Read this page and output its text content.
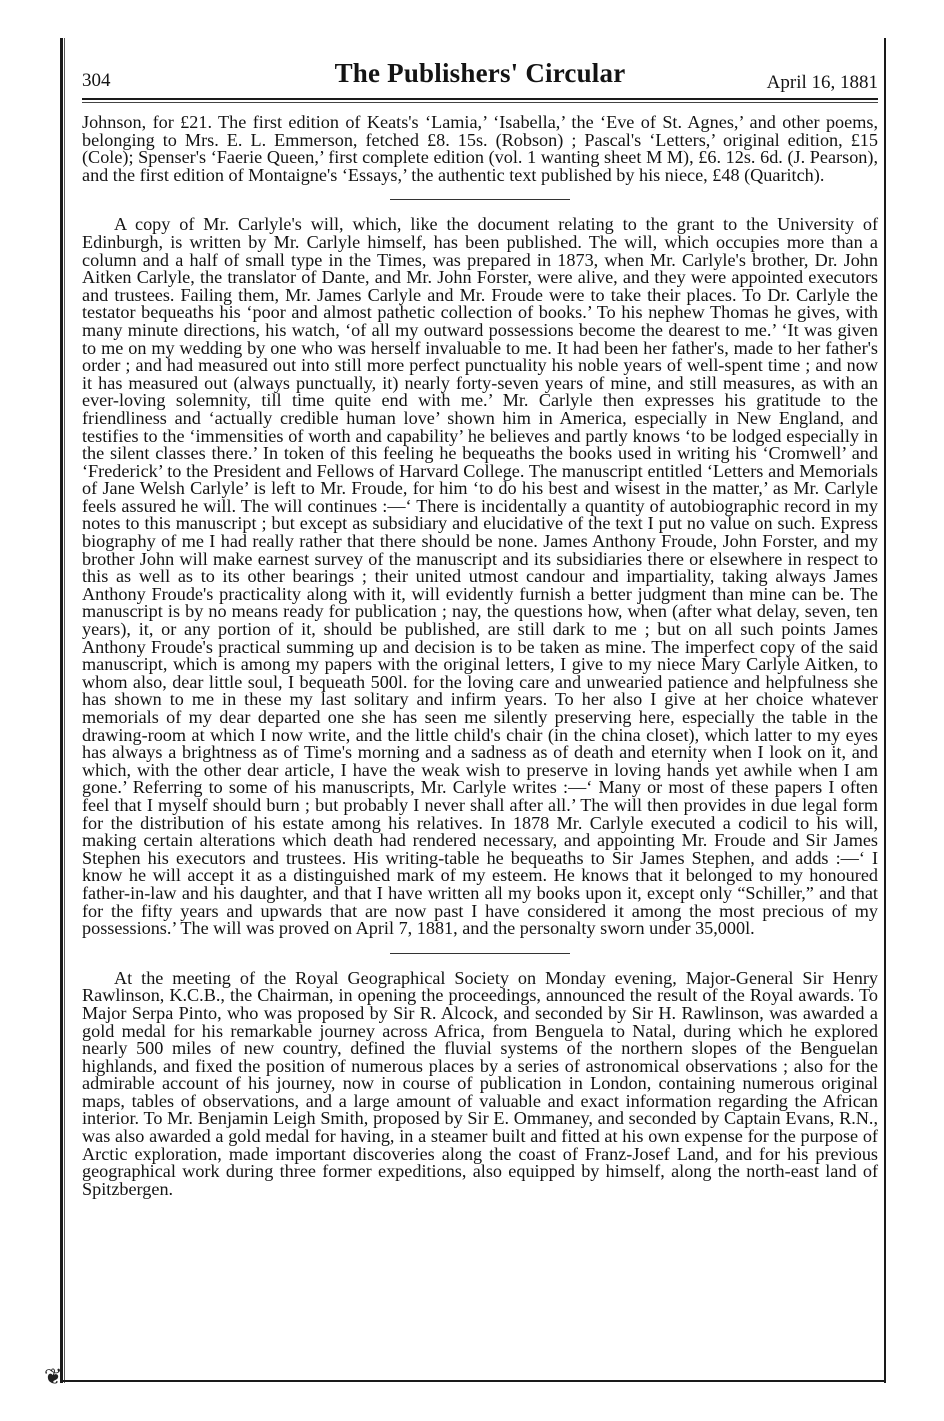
❦
304	The Publishers' Circular	April 16, 1881

Johnson, for £21. The first edition of Keats's ‘Lamia,’ ‘Isabella,’ the ‘Eve of St. Agnes,’ and other poems, belonging to Mrs. E. L. Emmerson, fetched £8. 15s. (Robson) ; Pascal's ‘Letters,’ original edition, £15 (Cole); Spenser's ‘Faerie Queen,’ first complete edition (vol. 1 wanting sheet M M), £6. 12s. 6d. (J. Pearson), and the first edition of Montaigne's ‘Essays,’ the authentic text published by his niece, £48 (Quaritch).

A copy of Mr. Carlyle's will, which, like the document relating to the grant to the University of Edinburgh, is written by Mr. Carlyle himself, has been published. The will, which occupies more than a column and a half of small type in the Times, was prepared in 1873, when Mr. Carlyle's brother, Dr. John Aitken Carlyle, the translator of Dante, and Mr. John Forster, were alive, and they were appointed executors and trustees. Failing them, Mr. James Carlyle and Mr. Froude were to take their places. To Dr. Carlyle the testator bequeaths his ‘poor and almost pathetic collection of books.’ To his nephew Thomas he gives, with many minute directions, his watch, ‘of all my outward possessions become the dearest to me.’ ‘It was given to me on my wedding by one who was herself invaluable to me. It had been her father's, made to her father's order ; and had measured out into still more perfect punctuality his noble years of well-spent time ; and now it has measured out (always punctually, it) nearly forty-seven years of mine, and still measures, as with an ever-loving solemnity, till time quite end with me.’ Mr. Carlyle then expresses his gratitude to the friendliness and ‘actually credible human love’ shown him in America, especially in New England, and testifies to the ‘immensities of worth and capability’ he believes and partly knows ‘to be lodged especially in the silent classes there.’ In token of this feeling he bequeaths the books used in writing his ‘Cromwell’ and ‘Frederick’ to the President and Fellows of Harvard College. The manuscript entitled ‘Letters and Memorials of Jane Welsh Carlyle’ is left to Mr. Froude, for him ‘to do his best and wisest in the matter,’ as Mr. Carlyle feels assured he will. The will continues :—‘ There is incidentally a quantity of autobiographic record in my notes to this manuscript ; but except as subsidiary and elucidative of the text I put no value on such. Express biography of me I had really rather that there should be none. James Anthony Froude, John Forster, and my brother John will make earnest survey of the manuscript and its subsidiaries there or elsewhere in respect to this as well as to its other bearings ; their united utmost candour and impartiality, taking always James Anthony Froude's practicality along with it, will evidently furnish a better judgment than mine can be. The manuscript is by no means ready for publication ; nay, the questions how, when (after what delay, seven, ten years), it, or any portion of it, should be published, are still dark to me ; but on all such points James Anthony Froude's practical summing up and decision is to be taken as mine. The imperfect copy of the said manuscript, which is among my papers with the original letters, I give to my niece Mary Carlyle Aitken, to whom also, dear little soul, I bequeath 500l. for the loving care and unwearied patience and helpfulness she has shown to me in these my last solitary and infirm years. To her also I give at her choice whatever memorials of my dear departed one she has seen me silently preserving here, especially the table in the drawing-room at which I now write, and the little child's chair (in the china closet), which latter to my eyes has always a brightness as of Time's morning and a sadness as of death and eternity when I look on it, and which, with the other dear article, I have the weak wish to preserve in loving hands yet awhile when I am gone.’ Referring to some of his manuscripts, Mr. Carlyle writes :—‘ Many or most of these papers I often feel that I myself should burn ; but probably I never shall after all.’ The will then provides in due legal form for the distribution of his estate among his relatives. In 1878 Mr. Carlyle executed a codicil to his will, making certain alterations which death had rendered necessary, and appointing Mr. Froude and Sir James Stephen his executors and trustees. His writing-table he bequeaths to Sir James Stephen, and adds :—‘ I know he will accept it as a distinguished mark of my esteem. He knows that it belonged to my honoured father-in-law and his daughter, and that I have written all my books upon it, except only “Schiller,” and that for the fifty years and upwards that are now past I have considered it among the most precious of my possessions.’ The will was proved on April 7, 1881, and the personalty sworn under 35,000l.

At the meeting of the Royal Geographical Society on Monday evening, Major-General Sir Henry Rawlinson, K.C.B., the Chairman, in opening the proceedings, announced the result of the Royal awards. To Major Serpa Pinto, who was proposed by Sir R. Alcock, and seconded by Sir H. Rawlinson, was awarded a gold medal for his remarkable journey across Africa, from Benguela to Natal, during which he explored nearly 500 miles of new country, defined the fluvial systems of the northern slopes of the Benguelan highlands, and fixed the position of numerous places by a series of astronomical observations ; also for the admirable account of his journey, now in course of publication in London, containing numerous original maps, tables of observations, and a large amount of valuable and exact information regarding the African interior. To Mr. Benjamin Leigh Smith, proposed by Sir E. Ommaney, and seconded by Captain Evans, R.N., was also awarded a gold medal for having, in a steamer built and fitted at his own expense for the purpose of Arctic exploration, made important discoveries along the coast of Franz-Josef Land, and for his previous geographical work during three former expeditions, also equipped by himself, along the north-east land of Spitzbergen.
